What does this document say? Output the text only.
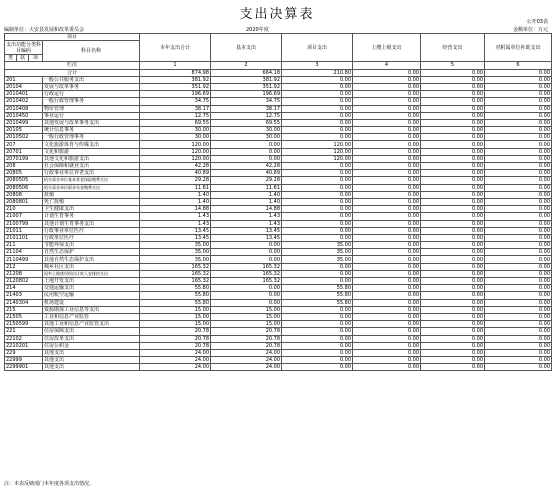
支出决算表	公开03表
编制单位：大安县发展和改革委员会	2020年度	金额单位：万元
项目				本年支出合计	基本支出	项目支出	上缴上级支出	经营支出	对附属单位补助支出
支出功能分类科目编码			科目名称						
类	款	项							
栏次				1	2	3	4	5	6
合计				874.98	664.18	210.80	0.00	0.00	0.00
201			一般公共服务支出	381.92	381.92	0.00	0.00	0.00	0.00
20104			发展与改革事务	351.92	351.92	0.00	0.00	0.00	0.00
2010401			行政运行	196.69	196.69	0.00	0.00	0.00	0.00
2010402			一般行政管理事务	34.75	34.75	0.00	0.00	0.00	0.00
2010408			物价管理	38.17	38.17	0.00	0.00	0.00	0.00
2010450			事业运行	12.75	12.75	0.00	0.00	0.00	0.00
2010499			其他发展与改革事务支出	69.55	69.55	0.00	0.00	0.00	0.00
20105			统计信息事务	30.00	30.00	0.00	0.00	0.00	0.00
2010502			一般行政管理事务	30.00	30.00	0.00	0.00	0.00	0.00
207			文化旅游体育与传媒支出	120.00	0.00	120.00	0.00	0.00	0.00
20701			文化和旅游	120.00	0.00	120.00	0.00	0.00	0.00
2070199			其他文化和旅游支出	120.00	0.00	120.00	0.00	0.00	0.00
208			社会保障和就业支出	42.28	42.28	0.00	0.00	0.00	0.00
20805			行政事业单位养老支出	40.89	40.89	0.00	0.00	0.00	0.00
2080505			机关事业单位基本养老保险缴费支出	29.28	29.28	0.00	0.00	0.00	0.00
2080506			机关事业单位职业年金缴费支出	11.61	11.61	0.00	0.00	0.00	0.00
20808			抚恤	1.40	1.40	0.00	0.00	0.00	0.00
2080801			死亡抚恤	1.40	1.40	0.00	0.00	0.00	0.00
210			卫生健康支出	14.88	14.88	0.00	0.00	0.00	0.00
21007			计划生育事务	1.43	1.43	0.00	0.00	0.00	0.00
2100799			其他计划生育事务支出	1.43	1.43	0.00	0.00	0.00	0.00
21011			行政事业单位医疗	13.45	13.45	0.00	0.00	0.00	0.00
2101101			行政单位医疗	13.45	13.45	0.00	0.00	0.00	0.00
211			节能环保支出	35.00	0.00	35.00	0.00	0.00	0.00
21104			自然生态保护	35.00	0.00	35.00	0.00	0.00	0.00
2110499			其他自然生态保护支出	35.00	0.00	35.00	0.00	0.00	0.00
212			城乡社区支出	165.32	165.32	0.00	0.00	0.00	0.00
21208			国有土地使用权出让收入安排的支出	165.32	165.32	0.00	0.00	0.00	0.00
2120802			土地开发支出	165.32	165.32	0.00	0.00	0.00	0.00
214			交通运输支出	55.80	0.00	55.80	0.00	0.00	0.00
21403			民用航空运输	55.80	0.00	55.80	0.00	0.00	0.00
2140304			机场建设	55.80	0.00	55.80	0.00	0.00	0.00
215			资源勘探工业信息等支出	15.00	15.00	0.00	0.00	0.00	0.00
21505			工业和信息产业监管	15.00	15.00	0.00	0.00	0.00	0.00
2150599			其他工业和信息产业监管支出	15.00	15.00	0.00	0.00	0.00	0.00
221			住房保障支出	20.78	20.78	0.00	0.00	0.00	0.00
22102			住房改革支出	20.78	20.78	0.00	0.00	0.00	0.00
2210201			住房公积金	20.78	20.78	0.00	0.00	0.00	0.00
229			其他支出	24.00	24.00	0.00	0.00	0.00	0.00
22999			其他支出	24.00	24.00	0.00	0.00	0.00	0.00
2299901			其他支出	24.00	24.00	0.00	0.00	0.00	0.00
注：本表反映部门本年度各项支出情况。
